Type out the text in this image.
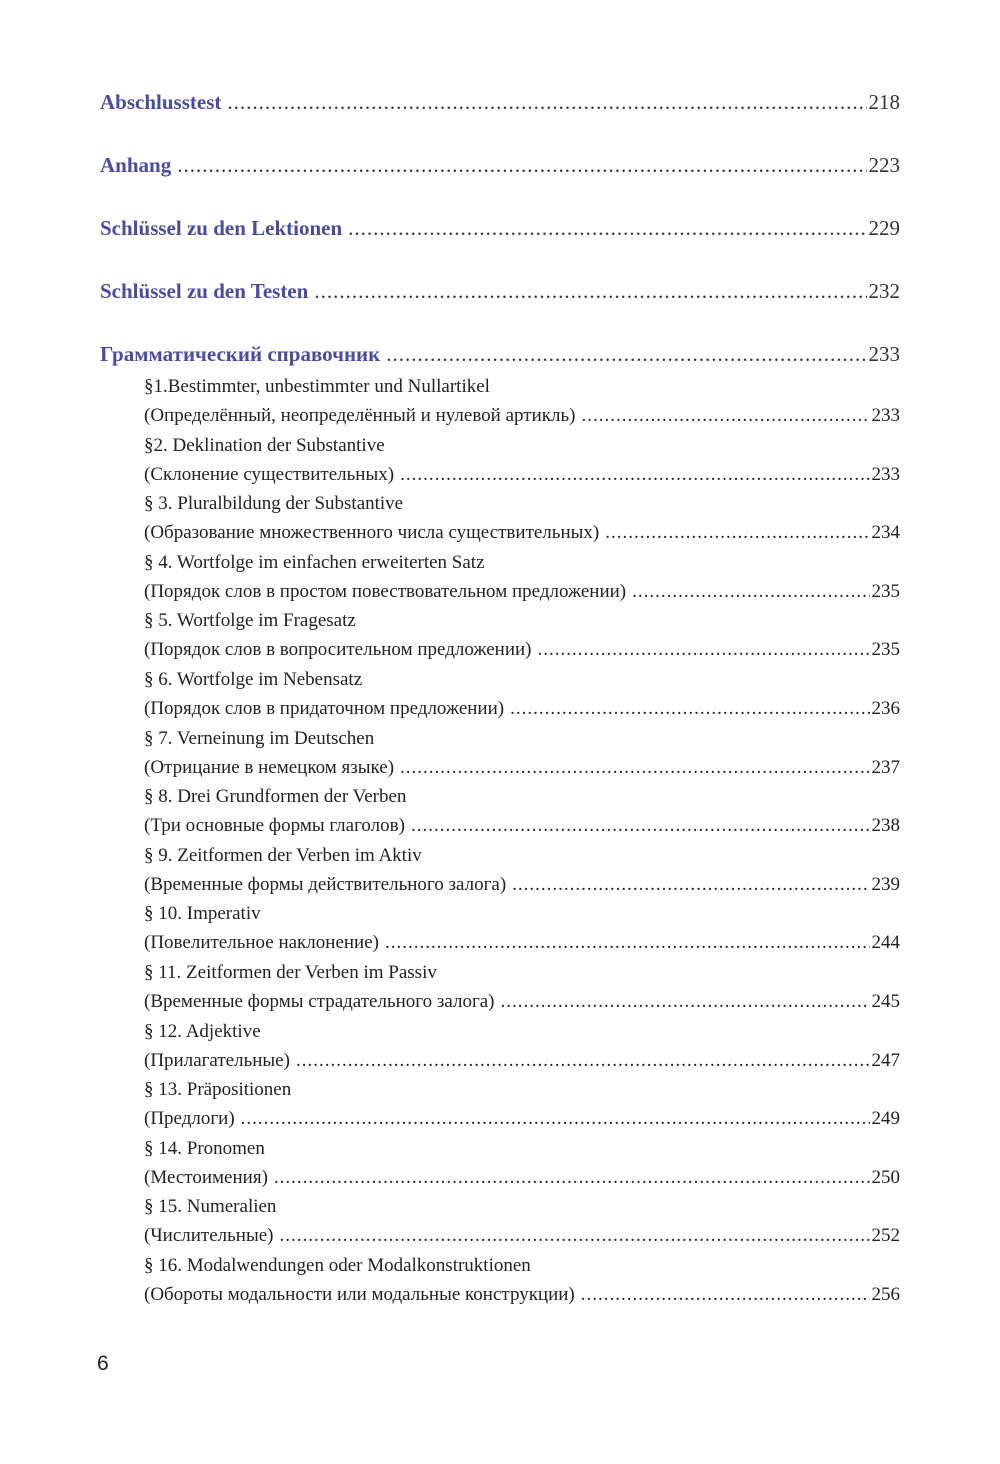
Abschlusstest .....	218
Anhang .....	223
Schlüssel zu den Lektionen .....	229
Schlüssel zu den Testen .....	232
Грамматический справочник .....	233
§1.Bestimmter, unbestimmter und Nullartikel
(Определённый, неопределённый и нулевой артикль) .....	233
§2. Deklination der Substantive
(Склонение существительных) .....	233
§ 3. Pluralbildung der Substantive
(Образование множественного числа существительных) .....	234
§ 4. Wortfolge im einfachen erweiterten Satz
(Порядок слов в простом повествовательном предложении) .....	235
§ 5. Wortfolge im Fragesatz
(Порядок слов в вопросительном предложении) .....	235
§ 6. Wortfolge im Nebensatz
(Порядок слов в придаточном предложении) .....	236
§ 7. Verneinung im Deutschen
(Отрицание в немецком языке) .....	237
§ 8. Drei Grundformen der Verben
(Три основные формы глаголов) .....	238
§ 9. Zeitformen der Verben im Aktiv
(Временные формы действительного залога) .....	239
§ 10. Imperativ
(Повелительное наклонение) .....	244
§ 11. Zeitformen der Verben im Passiv
(Временные формы страдательного залога) .....	245
§ 12. Adjektive
(Прилагательные) .....	247
§ 13. Präpositionen
(Предлоги) .....	249
§ 14. Pronomen
(Местоимения) .....	250
§ 15. Numeralien
(Числительные) .....	252
§ 16. Modalwendungen oder Modalkonstruktionen
(Обороты модальности или модальные конструкции) .....	256
6
